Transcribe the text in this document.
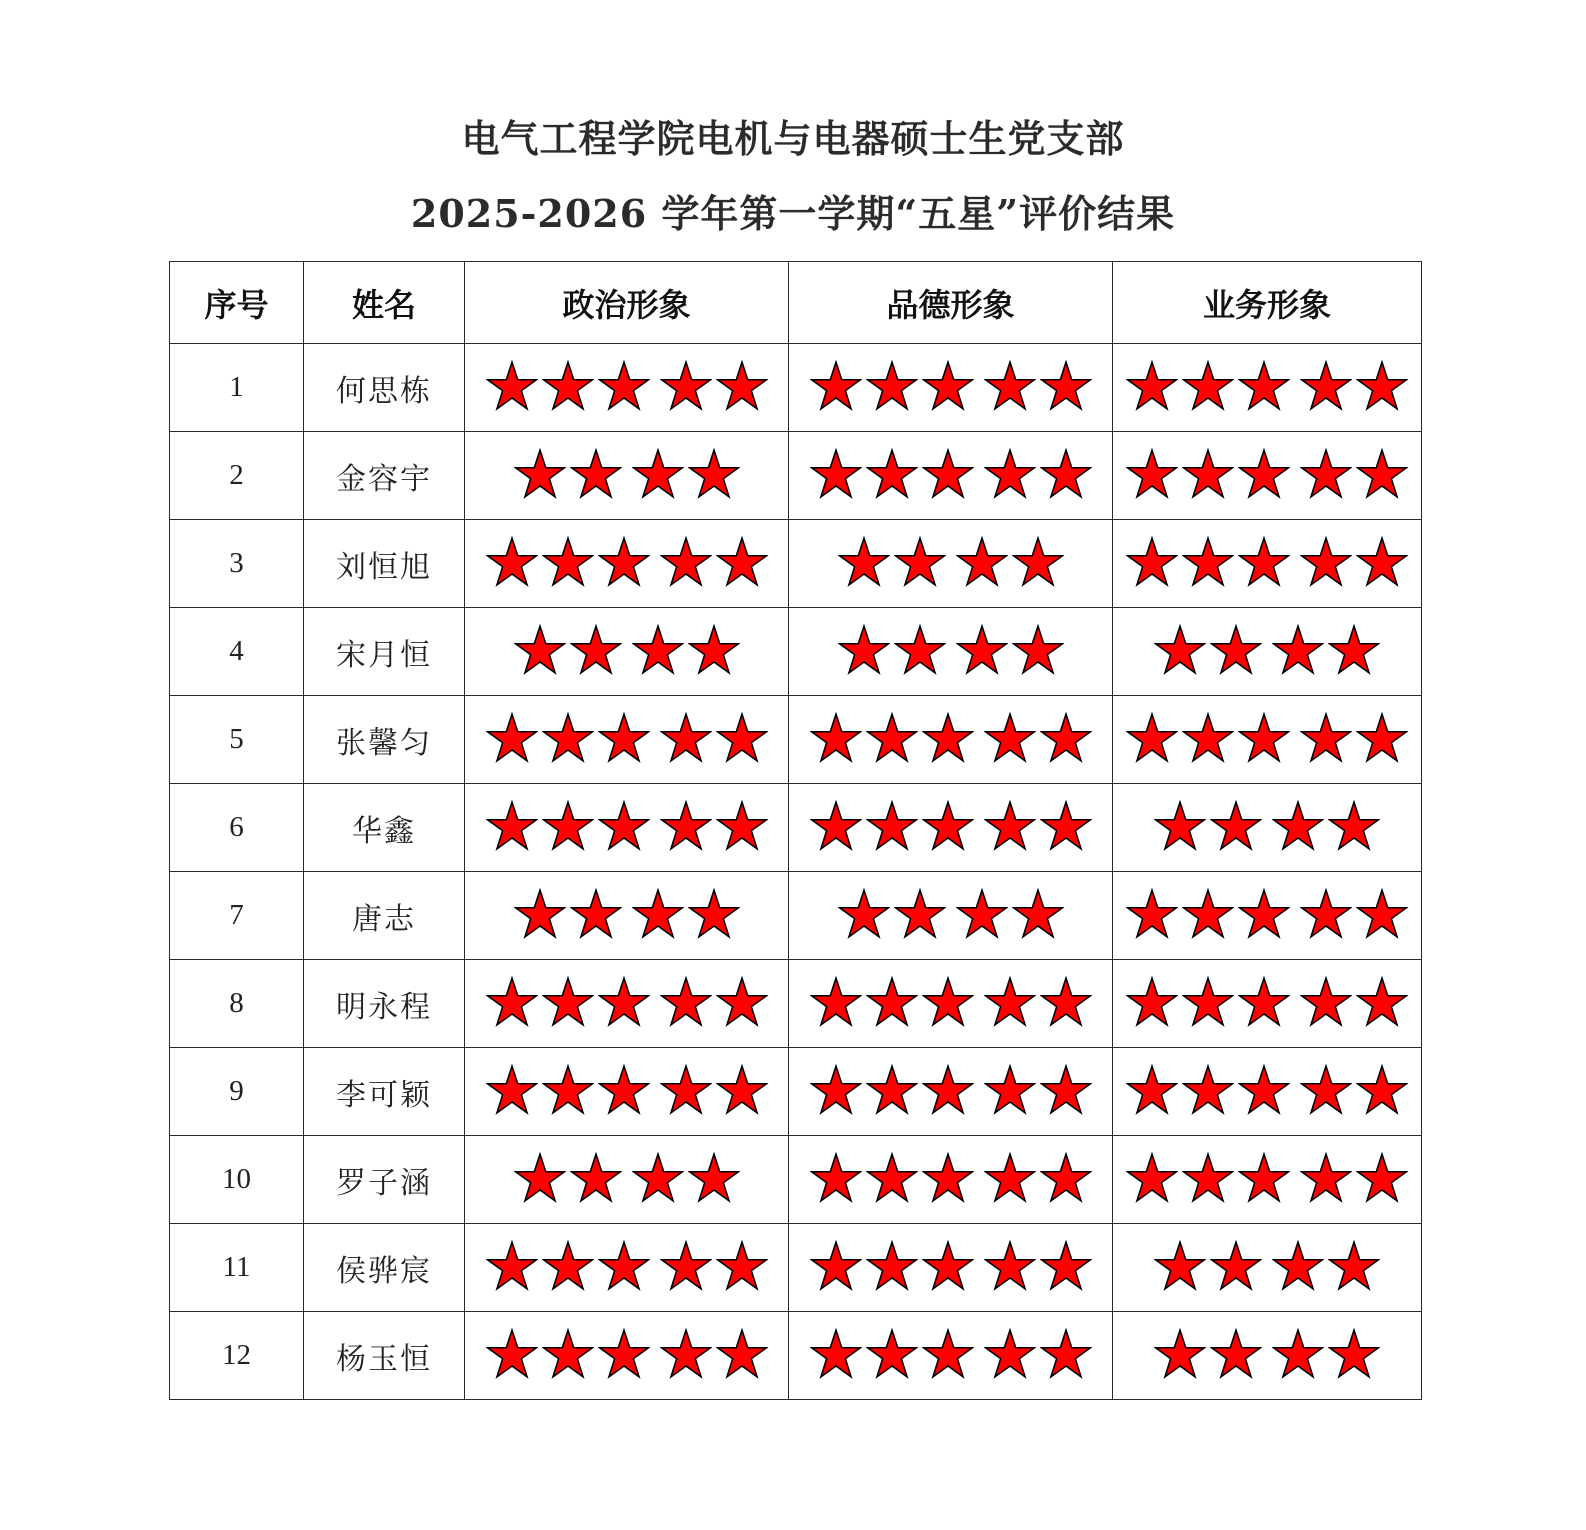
电气工程学院电机与电器硕士生党支部
2025-2026 学年第一学期“五星”评价结果
序号	姓名	政治形象	品德形象	业务形象
1	何思栋	

2	金容宇	

3	刘恒旭	

4	宋月恒	

5	张馨匀	

6	华鑫	

7	唐志	

8	明永程	

9	李可颖	

10	罗子涵	

11	侯骅宸	

12	杨玉恒	
